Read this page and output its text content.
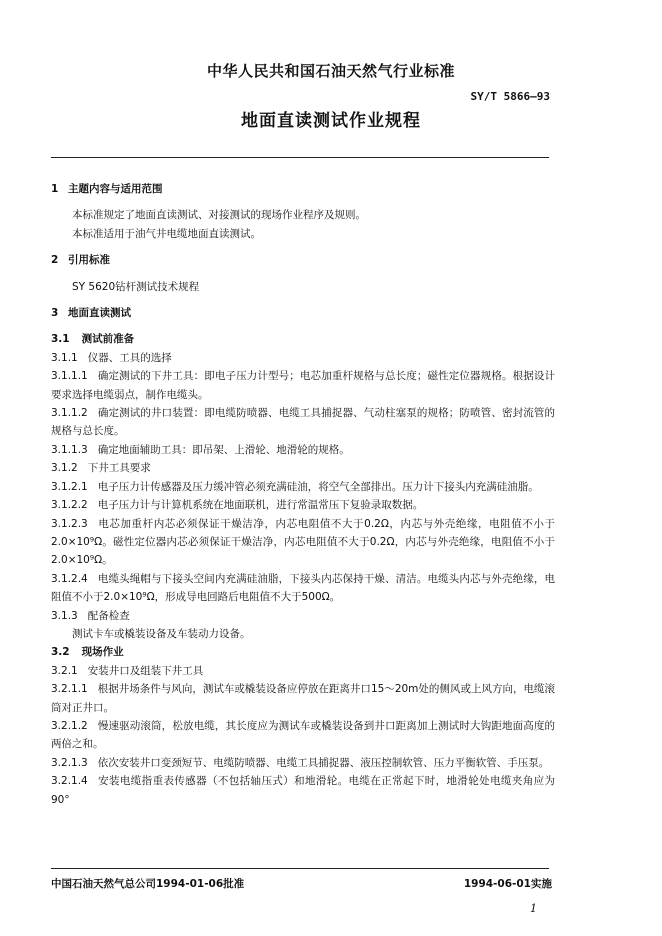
中华人民共和国石油天然气行业标准
SY/T 5866—93
地面直读测试作业规程

1 主题内容与适用范围

本标准规定了地面直读测试、对接测试的现场作业程序及规则。

本标准适用于油气井电缆地面直读测试。

2 引用标准

SY 5620钻杆测试技术规程

3 地面直读测试

3.1 测试前准备

3.1.1 仪器、工具的选择

3.1.1.1 确定测试的下井工具：即电子压力计型号；电芯加重杆规格与总长度；磁性定位器规格。根据设计要求选择电缆弱点，制作电缆头。

3.1.1.2 确定测试的井口装置：即电缆防喷器、电缆工具捕捉器、气动柱塞泵的规格；防喷管、密封流管的规格与总长度。

3.1.1.3 确定地面辅助工具：即吊架、上滑轮、地滑轮的规格。

3.1.2 下井工具要求

3.1.2.1 电子压力计传感器及压力缓冲管必须充满硅油，将空气全部排出。压力计下接头内充满硅油脂。

3.1.2.2 电子压力计与计算机系统在地面联机，进行常温常压下复验录取数据。

3.1.2.3 电芯加重杆内芯必须保证干燥洁净，内芯电阻值不大于0.2Ω，内芯与外壳绝缘，电阻值不小于2.0×10⁹Ω。磁性定位器内芯必须保证干燥洁净，内芯电阻值不大于0.2Ω，内芯与外壳绝缘，电阻值不小于2.0×10⁹Ω。

3.1.2.4 电缆头绳帽与下接头空间内充满硅油脂，下接头内芯保持干燥、清洁。电缆头内芯与外壳绝缘，电阻值不小于2.0×10⁹Ω，形成导电回路后电阻值不大于500Ω。

3.1.3 配备检查

测试卡车或橇装设备及车装动力设备。

3.2 现场作业

3.2.1 安装井口及组装下井工具

3.2.1.1 根据井场条件与风向，测试车或橇装设备应停放在距离井口15～20m处的侧风或上风方向，电缆滚筒对正井口。

3.2.1.2 慢速驱动滚筒，松放电缆，其长度应为测试车或橇装设备到井口距离加上测试时大钩距地面高度的两倍之和。

3.2.1.3 依次安装井口变颈短节、电缆防喷器、电缆工具捕捉器、液压控制软管、压力平衡软管、手压泵。

3.2.1.4 安装电缆指重表传感器（不包括轴压式）和地滑轮。电缆在正常起下时，地滑轮处电缆夹角应为90°

中国石油天然气总公司1994-01-06批准	1994-06-01实施
1
